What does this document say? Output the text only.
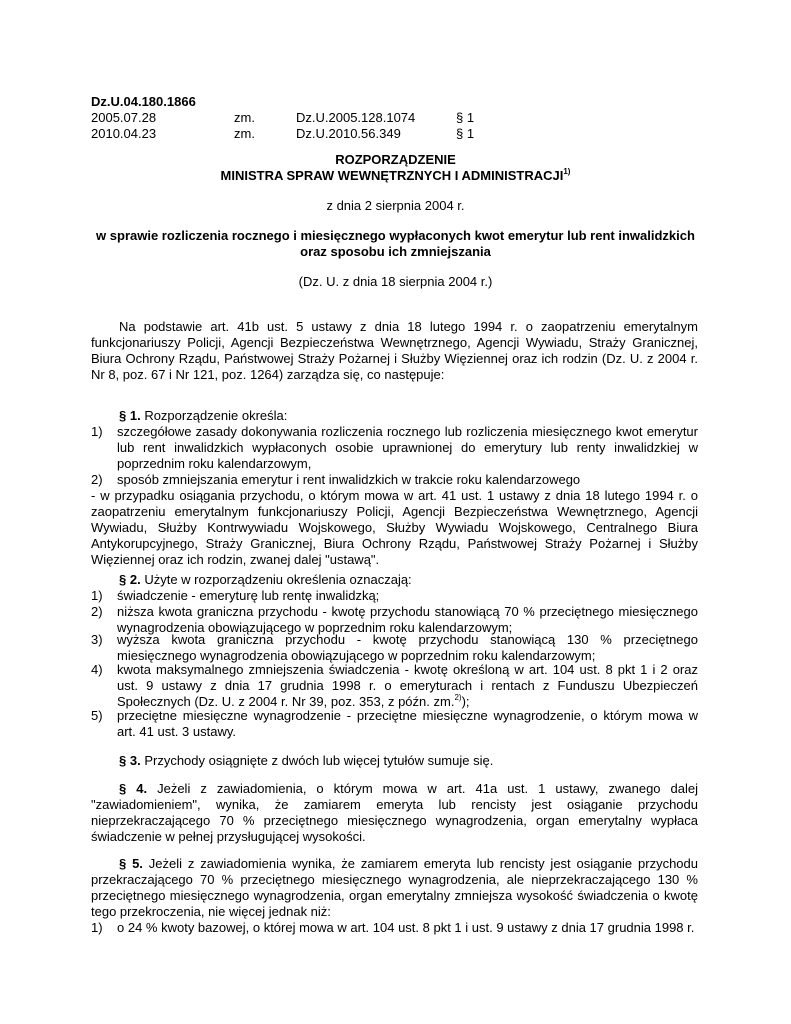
Dz.U.04.180.1866
2005.07.28	zm.	Dz.U.2005.128.1074	§ 1
2010.04.23	zm.	Dz.U.2010.56.349	§ 1
ROZPORZĄDZENIE
MINISTRA SPRAW WEWNĘTRZNYCH I ADMINISTRACJI$^{1)}$
z dnia 2 sierpnia 2004 r.
w sprawie rozliczenia rocznego i miesięcznego wypłaconych kwot emerytur lub rent inwalidzkich
oraz sposobu ich zmniejszania
(Dz. U. z dnia 18 sierpnia 2004 r.)
Na podstawie art. 41b ust. 5 ustawy z dnia 18 lutego 1994 r. o zaopatrzeniu emerytalnym funkcjonariuszy Policji, Agencji Bezpieczeństwa Wewnętrznego, Agencji Wywiadu, Straży Granicznej, Biura Ochrony Rządu, Państwowej Straży Pożarnej i Służby Więziennej oraz ich rodzin (Dz. U. z 2004 r. Nr 8, poz. 67 i Nr 121, poz. 1264) zarządza się, co następuje:
§ 1. Rozporządzenie określa:
1)	szczegółowe zasady dokonywania rozliczenia rocznego lub rozliczenia miesięcznego kwot emerytur lub rent inwalidzkich wypłaconych osobie uprawnionej do emerytury lub renty inwalidzkiej w poprzednim roku kalendarzowym,
2)	sposób zmniejszania emerytur i rent inwalidzkich w trakcie roku kalendarzowego
- w przypadku osiągania przychodu, o którym mowa w art. 41 ust. 1 ustawy z dnia 18 lutego 1994 r. o zaopatrzeniu emerytalnym funkcjonariuszy Policji, Agencji Bezpieczeństwa Wewnętrznego, Agencji Wywiadu, Służby Kontrwywiadu Wojskowego, Służby Wywiadu Wojskowego, Centralnego Biura Antykorupcyjnego, Straży Granicznej, Biura Ochrony Rządu, Państwowej Straży Pożarnej i Służby Więziennej oraz ich rodzin, zwanej dalej "ustawą".
§ 2. Użyte w rozporządzeniu określenia oznaczają:
1)	świadczenie - emeryturę lub rentę inwalidzką;
2)	niższa kwota graniczna przychodu - kwotę przychodu stanowiącą 70 % przeciętnego miesięcznego wynagrodzenia obowiązującego w poprzednim roku kalendarzowym;
3)	wyższa kwota graniczna przychodu - kwotę przychodu stanowiącą 130 % przeciętnego miesięcznego wynagrodzenia obowiązującego w poprzednim roku kalendarzowym;
4)	kwota maksymalnego zmniejszenia świadczenia - kwotę określoną w art. 104 ust. 8 pkt 1 i 2 oraz ust. 9 ustawy z dnia 17 grudnia 1998 r. o emeryturach i rentach z Funduszu Ubezpieczeń Społecznych (Dz. U. z 2004 r. Nr 39, poz. 353, z późn. zm.$^{2)}$);
5)	przeciętne miesięczne wynagrodzenie - przeciętne miesięczne wynagrodzenie, o którym mowa w art. 41 ust. 3 ustawy.
§ 3. Przychody osiągnięte z dwóch lub więcej tytułów sumuje się.
§ 4. Jeżeli z zawiadomienia, o którym mowa w art. 41a ust. 1 ustawy, zwanego dalej "zawiadomieniem", wynika, że zamiarem emeryta lub rencisty jest osiąganie przychodu nieprzekraczającego 70 % przeciętnego miesięcznego wynagrodzenia, organ emerytalny wypłaca świadczenie w pełnej przysługującej wysokości.
§ 5. Jeżeli z zawiadomienia wynika, że zamiarem emeryta lub rencisty jest osiąganie przychodu przekraczającego 70 % przeciętnego miesięcznego wynagrodzenia, ale nieprzekraczającego 130 % przeciętnego miesięcznego wynagrodzenia, organ emerytalny zmniejsza wysokość świadczenia o kwotę tego przekroczenia, nie więcej jednak niż:
1)	o 24 % kwoty bazowej, o której mowa w art. 104 ust. 8 pkt 1 i ust. 9 ustawy z dnia 17 grudnia 1998 r.
